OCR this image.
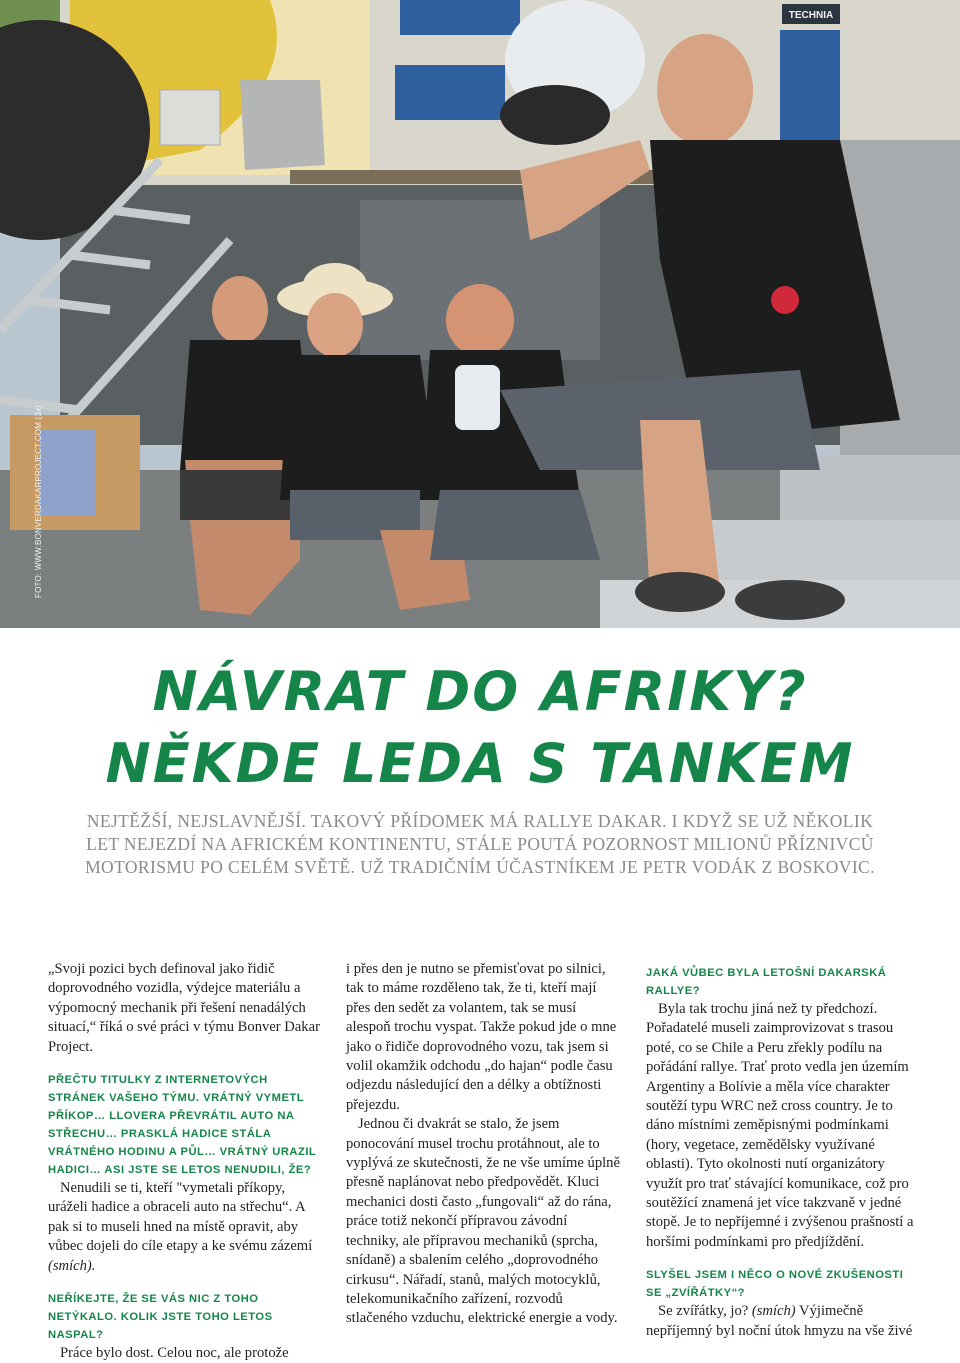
TECHNIA
FOTO: WWW.BONVERDAKARPROJECT.COM (3x)
NÁVRAT DO AFRIKY?
NĚKDE LEDA S TANKEM

NEJTĚŽŠÍ, NEJSLAVNĚJŠÍ. TAKOVÝ PŘÍDOMEK MÁ RALLYE DAKAR. I KDYŽ SE UŽ NĚKOLIK

LET NEJEZDÍ NA AFRICKÉM KONTINENTU, STÁLE POUTÁ POZORNOST MILIONŮ PŘÍZNIVCŮ

MOTORISMU PO CELÉM SVĚTĚ. UŽ TRADIČNÍM ÚČASTNÍKEM JE PETR VODÁK Z BOSKOVIC.

„Svoji pozici bych definoval jako řidič doprovodného vozidla, výdejce materiálu a výpomocný mechanik při řešení nenadálých situací,“ říká o své práci v týmu Bonver Dakar Project.

PŘEČTU TITULKY Z INTERNETOVÝCH STRÁNEK VAŠEHO TÝMU. VRÁTNÝ VYMETL PŘÍKOP… LLOVERA PŘEVRÁTIL AUTO NA STŘECHU… PRASKLÁ HADICE STÁLA VRÁTNÉHO HODINU A PŮL… VRÁTNÝ URAZIL HADICI… ASI JSTE SE LETOS NENUDILI, ŽE?

Nenudili se ti, kteří "vymetali příkopy, uráželi hadice a obraceli auto na střechu“. A pak si to museli hned na místě opravit, aby vůbec dojeli do cíle etapy a ke svému zázemí (smích).

NEŘÍKEJTE, ŽE SE VÁS NIC Z TOHO NETÝKALO. KOLIK JSTE TOHO LETOS NASPAL?

Práce bylo dost. Celou noc, ale protože

i přes den je nutno se přemisťovat po silnici, tak to máme rozděleno tak, že ti, kteří mají přes den sedět za volantem, tak se musí alespoň trochu vyspat. Takže pokud jde o mne jako o řidiče doprovodného vozu, tak jsem si volil okamžik odchodu „do hajan“ podle času odjezdu následující den a délky a obtížnosti přejezdu.

Jednou či dvakrát se stalo, že jsem ponocování musel trochu protáhnout, ale to vyplývá ze skutečnosti, že ne vše umíme úplně přesně naplánovat nebo předpovědět. Kluci mechanici dosti často „fungovali“ až do rána, práce totiž nekončí přípravou závodní techniky, ale přípravou mechaniků (sprcha, snídaně) a sbalením celého „doprovodného cirkusu“. Nářadí, stanů, malých motocyklů, telekomunikačního zařízení, rozvodů stlačeného vzduchu, elektrické energie a vody.

JAKÁ VŮBEC BYLA LETOŠNÍ DAKARSKÁ RALLYE?

Byla tak trochu jiná než ty předchozí. Pořadatelé museli zaimprovizovat s trasou poté, co se Chile a Peru zřekly podílu na pořádání rallye. Trať proto vedla jen územím Argentiny a Bolívie a měla více charakter soutěží typu WRC než cross country. Je to dáno místními zeměpisnými podmínkami (hory, vegetace, zemědělsky využívané oblasti). Tyto okolnosti nutí organizátory využít pro trať stávající komunikace, což pro soutěžící znamená jet více takzvaně v jedné stopě. Je to nepříjemné i zvýšenou prašností a horšími podmínkami pro předjíždění.

SLYŠEL JSEM I NĚCO O NOVÉ ZKUŠENOSTI SE „ZVÍŘÁTKY“?

Se zvířátky, jo? (smích) Výjimečně nepříjemný byl noční útok hmyzu na vše živé
